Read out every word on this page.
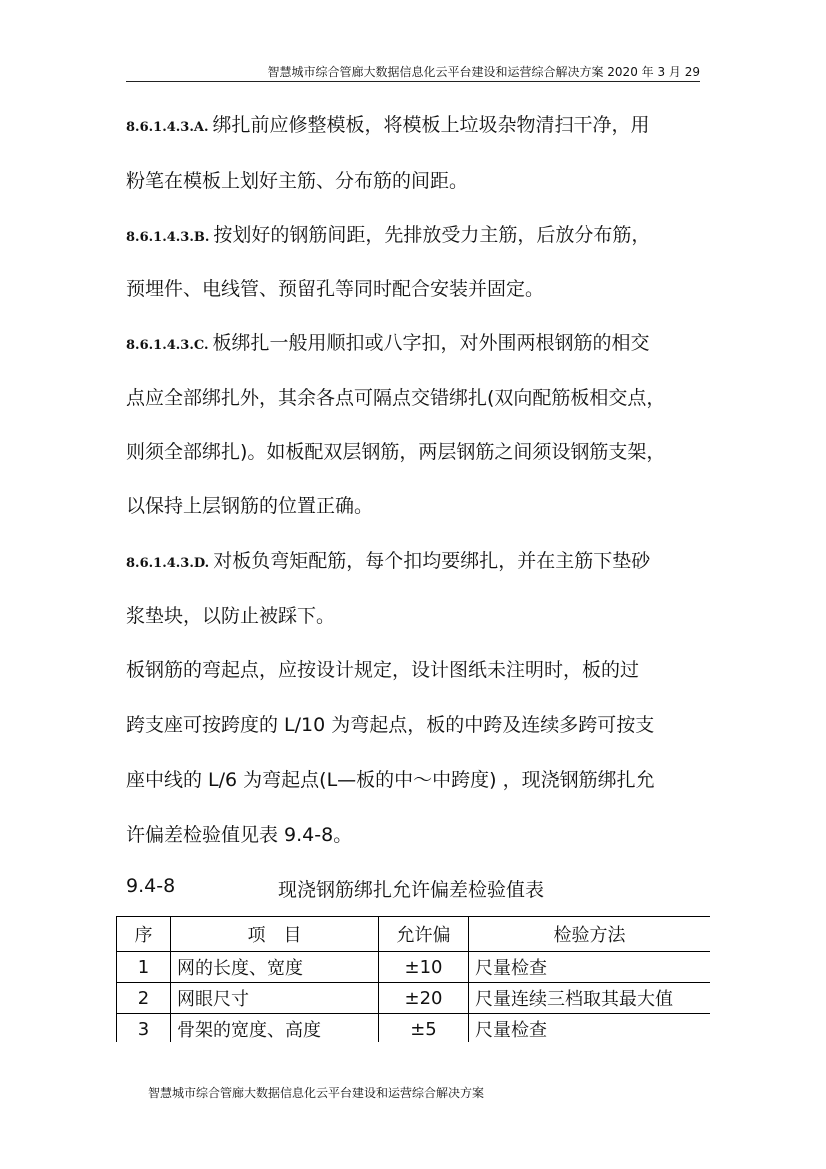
智慧城市综合管廊大数据信息化云平台建设和运营综合解决方案 2020 年 3 月 29
8.6.1.4.3.A. 绑扎前应修整模板，将模板上垃圾杂物清扫干净，用
粉笔在模板上划好主筋、分布筋的间距。
8.6.1.4.3.B. 按划好的钢筋间距，先排放受力主筋，后放分布筋，
预埋件、电线管、预留孔等同时配合安装并固定。
8.6.1.4.3.C. 板绑扎一般用顺扣或八字扣，对外围两根钢筋的相交
点应全部绑扎外，其余各点可隔点交错绑扎(双向配筋板相交点，
则须全部绑扎)。如板配双层钢筋，两层钢筋之间须设钢筋支架，
以保持上层钢筋的位置正确。
8.6.1.4.3.D. 对板负弯矩配筋，每个扣均要绑扎，并在主筋下垫砂
浆垫块，以防止被踩下。
板钢筋的弯起点，应按设计规定，设计图纸未注明时，板的过
跨支座可按跨度的 L/10 为弯起点，板的中跨及连续多跨可按支
座中线的 L/6 为弯起点(L—板的中～中跨度) ，现浇钢筋绑扎允
许偏差检验值见表 9.4-8。
9.4-8	现浇钢筋绑扎允许偏差检验值表
序	项　目	允许偏	检验方法
1	网的长度、宽度	±10	尺量检查
2	网眼尺寸	±20	尺量连续三档取其最大值
3	骨架的宽度、高度	±5	尺量检查
智慧城市综合管廊大数据信息化云平台建设和运营综合解决方案
